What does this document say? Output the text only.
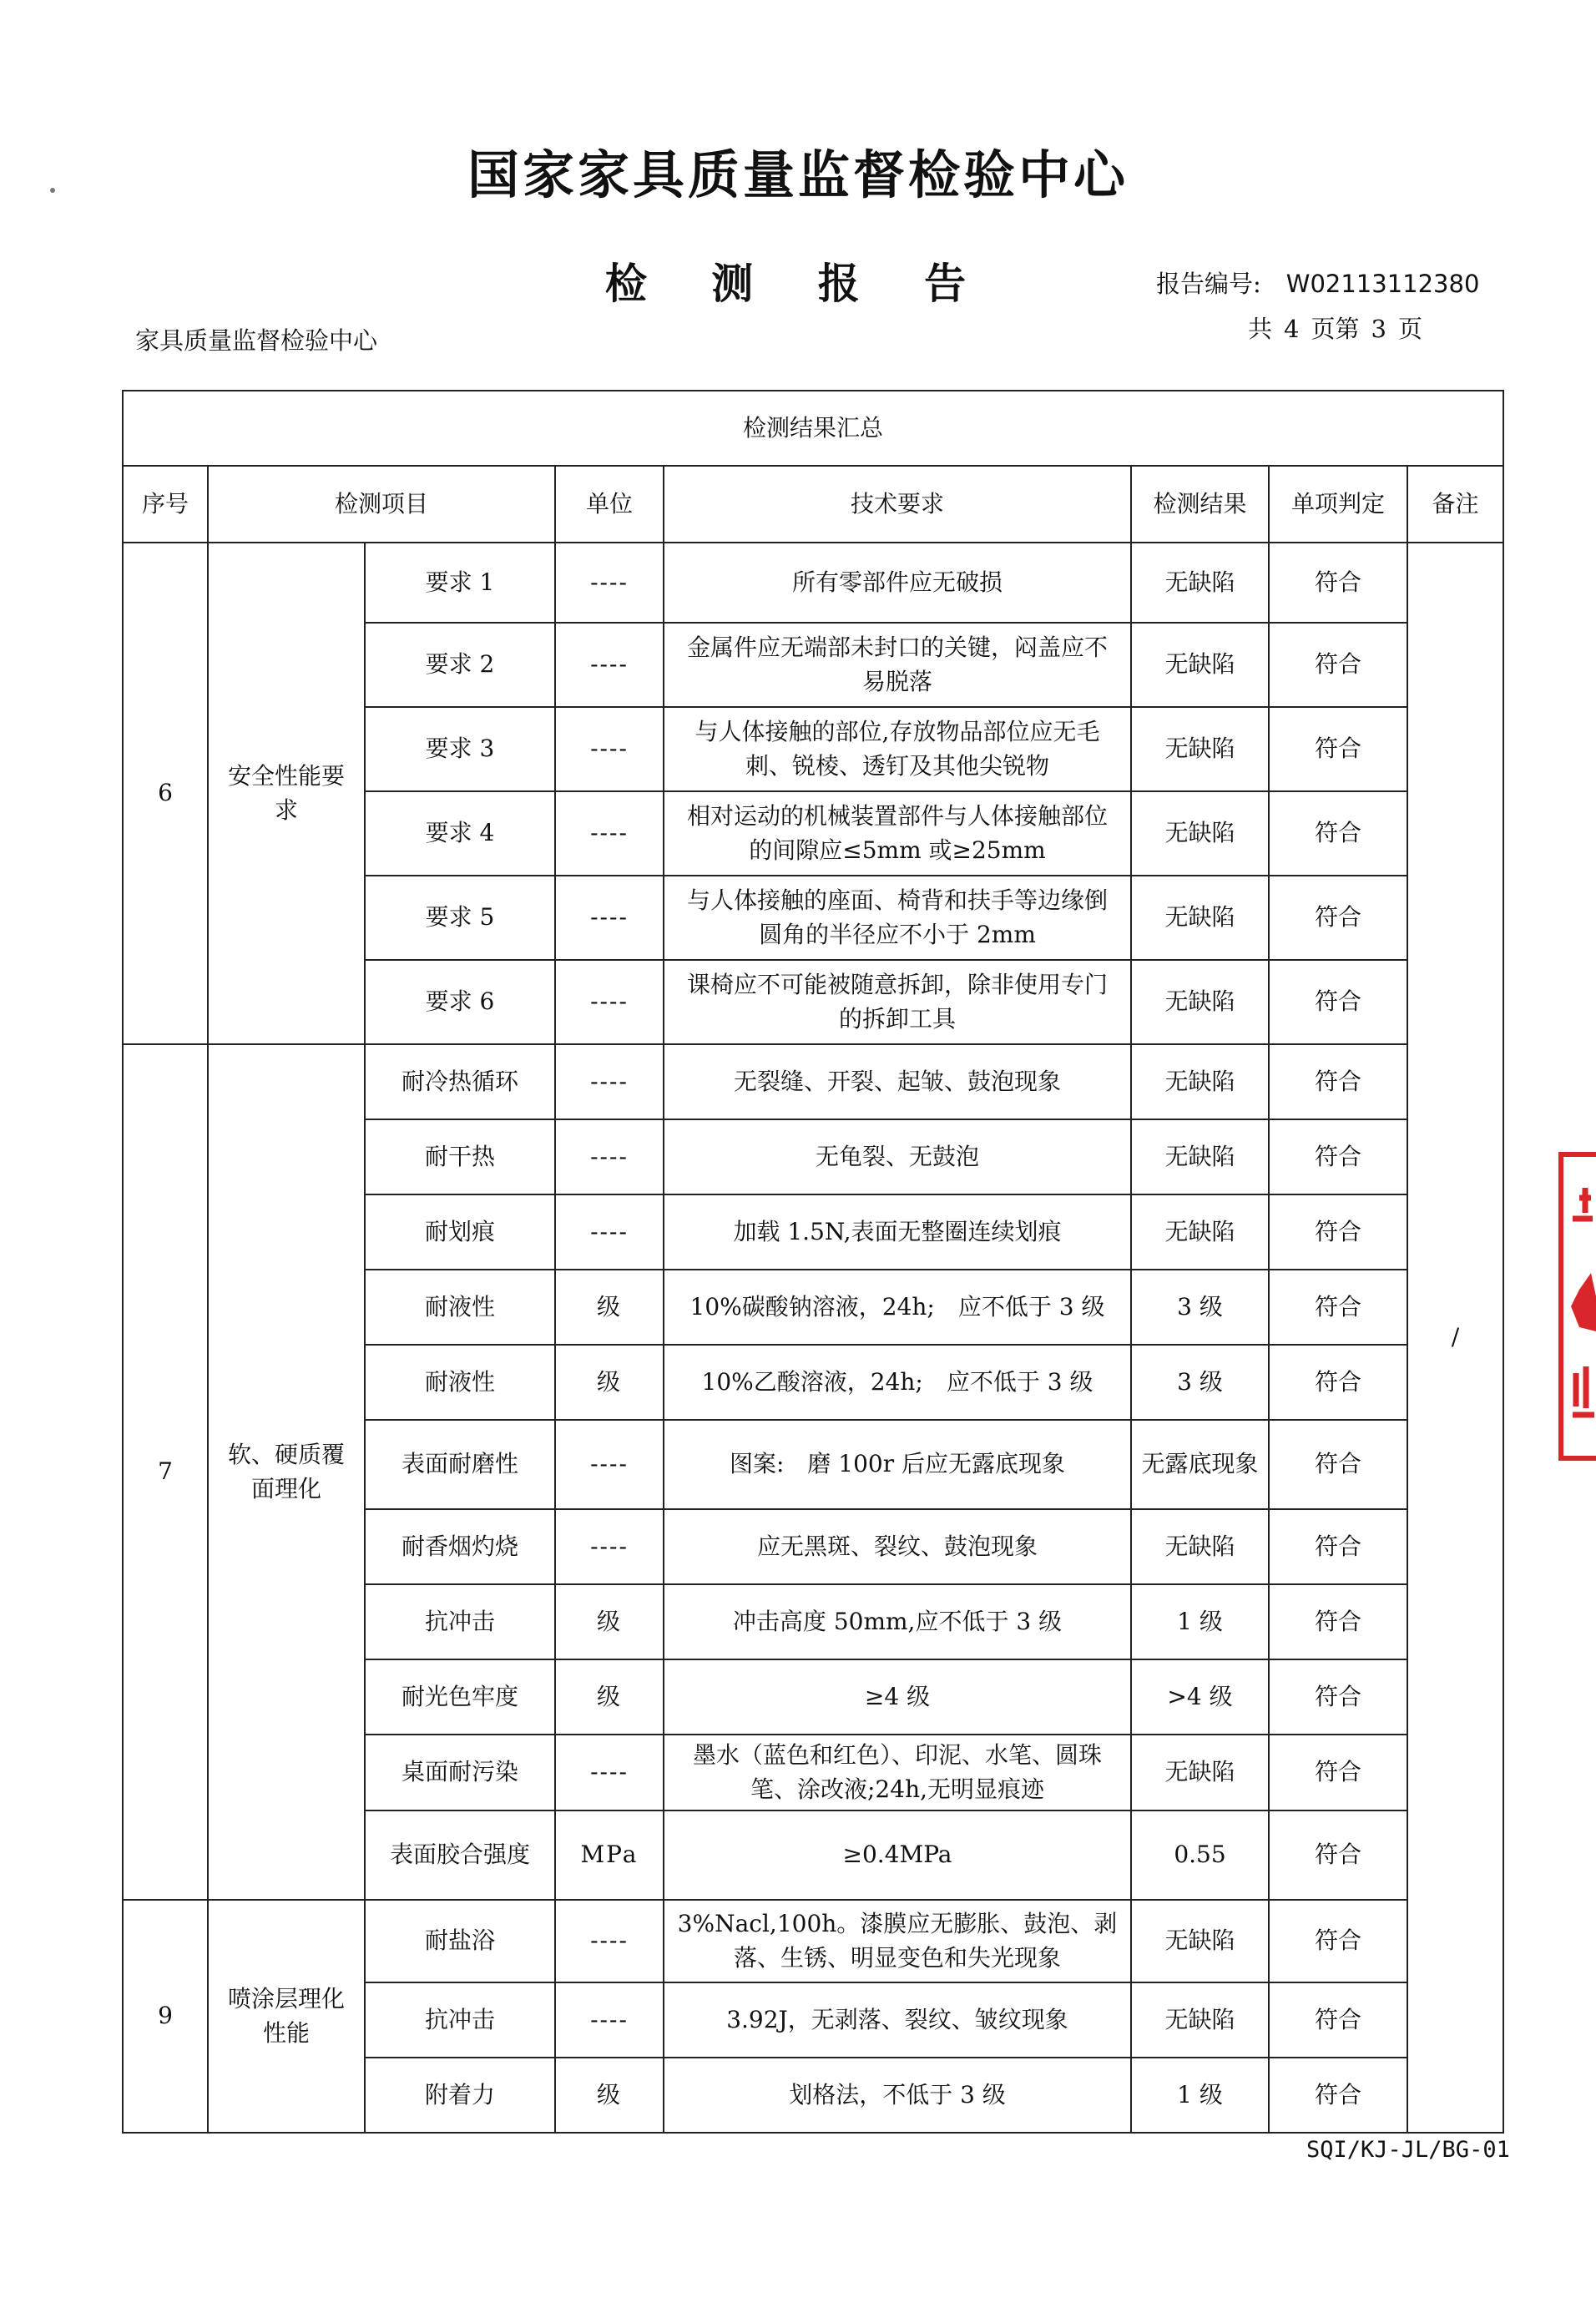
国家家具质量监督检验中心
检 测 报 告	报告编号: W02113112380
家具质量监督检验中心	共 4 页第 3 页
检测结果汇总							
序号	检测项目		单位	技术要求	检测结果	单项判定	备注
6	安全性能要求	要求 1	----	所有零部件应无破损	无缺陷	符合	/
		要求 2	----	金属件应无端部未封口的关键，闷盖应不易脱落	无缺陷	符合	
		要求 3	----	与人体接触的部位,存放物品部位应无毛刺、锐棱、透钉及其他尖锐物	无缺陷	符合	
		要求 4	----	相对运动的机械装置部件与人体接触部位的间隙应≤5mm 或≥25mm	无缺陷	符合	
		要求 5	----	与人体接触的座面、椅背和扶手等边缘倒圆角的半径应不小于 2mm	无缺陷	符合	
		要求 6	----	课椅应不可能被随意拆卸，除非使用专门的拆卸工具	无缺陷	符合	
7	软、硬质覆面理化	耐冷热循环	----	无裂缝、开裂、起皱、鼓泡现象	无缺陷	符合	
		耐干热	----	无龟裂、无鼓泡	无缺陷	符合	
		耐划痕	----	加载 1.5N,表面无整圈连续划痕	无缺陷	符合	
		耐液性	级	10%碳酸钠溶液，24h;　应不低于 3 级	3 级	符合	
		耐液性	级	10%乙酸溶液，24h;　应不低于 3 级	3 级	符合	
		表面耐磨性	----	图案:　磨 100r 后应无露底现象	无露底现象	符合	
		耐香烟灼烧	----	应无黑斑、裂纹、鼓泡现象	无缺陷	符合	
		抗冲击	级	冲击高度 50mm,应不低于 3 级	1 级	符合	
		耐光色牢度	级	≥4 级	>4 级	符合	
		桌面耐污染	----	墨水（蓝色和红色）、印泥、水笔、圆珠笔、涂改液;24h,无明显痕迹	无缺陷	符合	
		表面胶合强度	MPa	≥0.4MPa	0.55	符合	
9	喷涂层理化性能	耐盐浴	----	3%Nacl,100h。漆膜应无膨胀、鼓泡、剥落、生锈、明显变色和失光现象	无缺陷	符合	
		抗冲击	----	3.92J，无剥落、裂纹、皱纹现象	无缺陷	符合	
		附着力	级	划格法，不低于 3 级	1 级	符合	
SQI/KJ-JL/BG-01
